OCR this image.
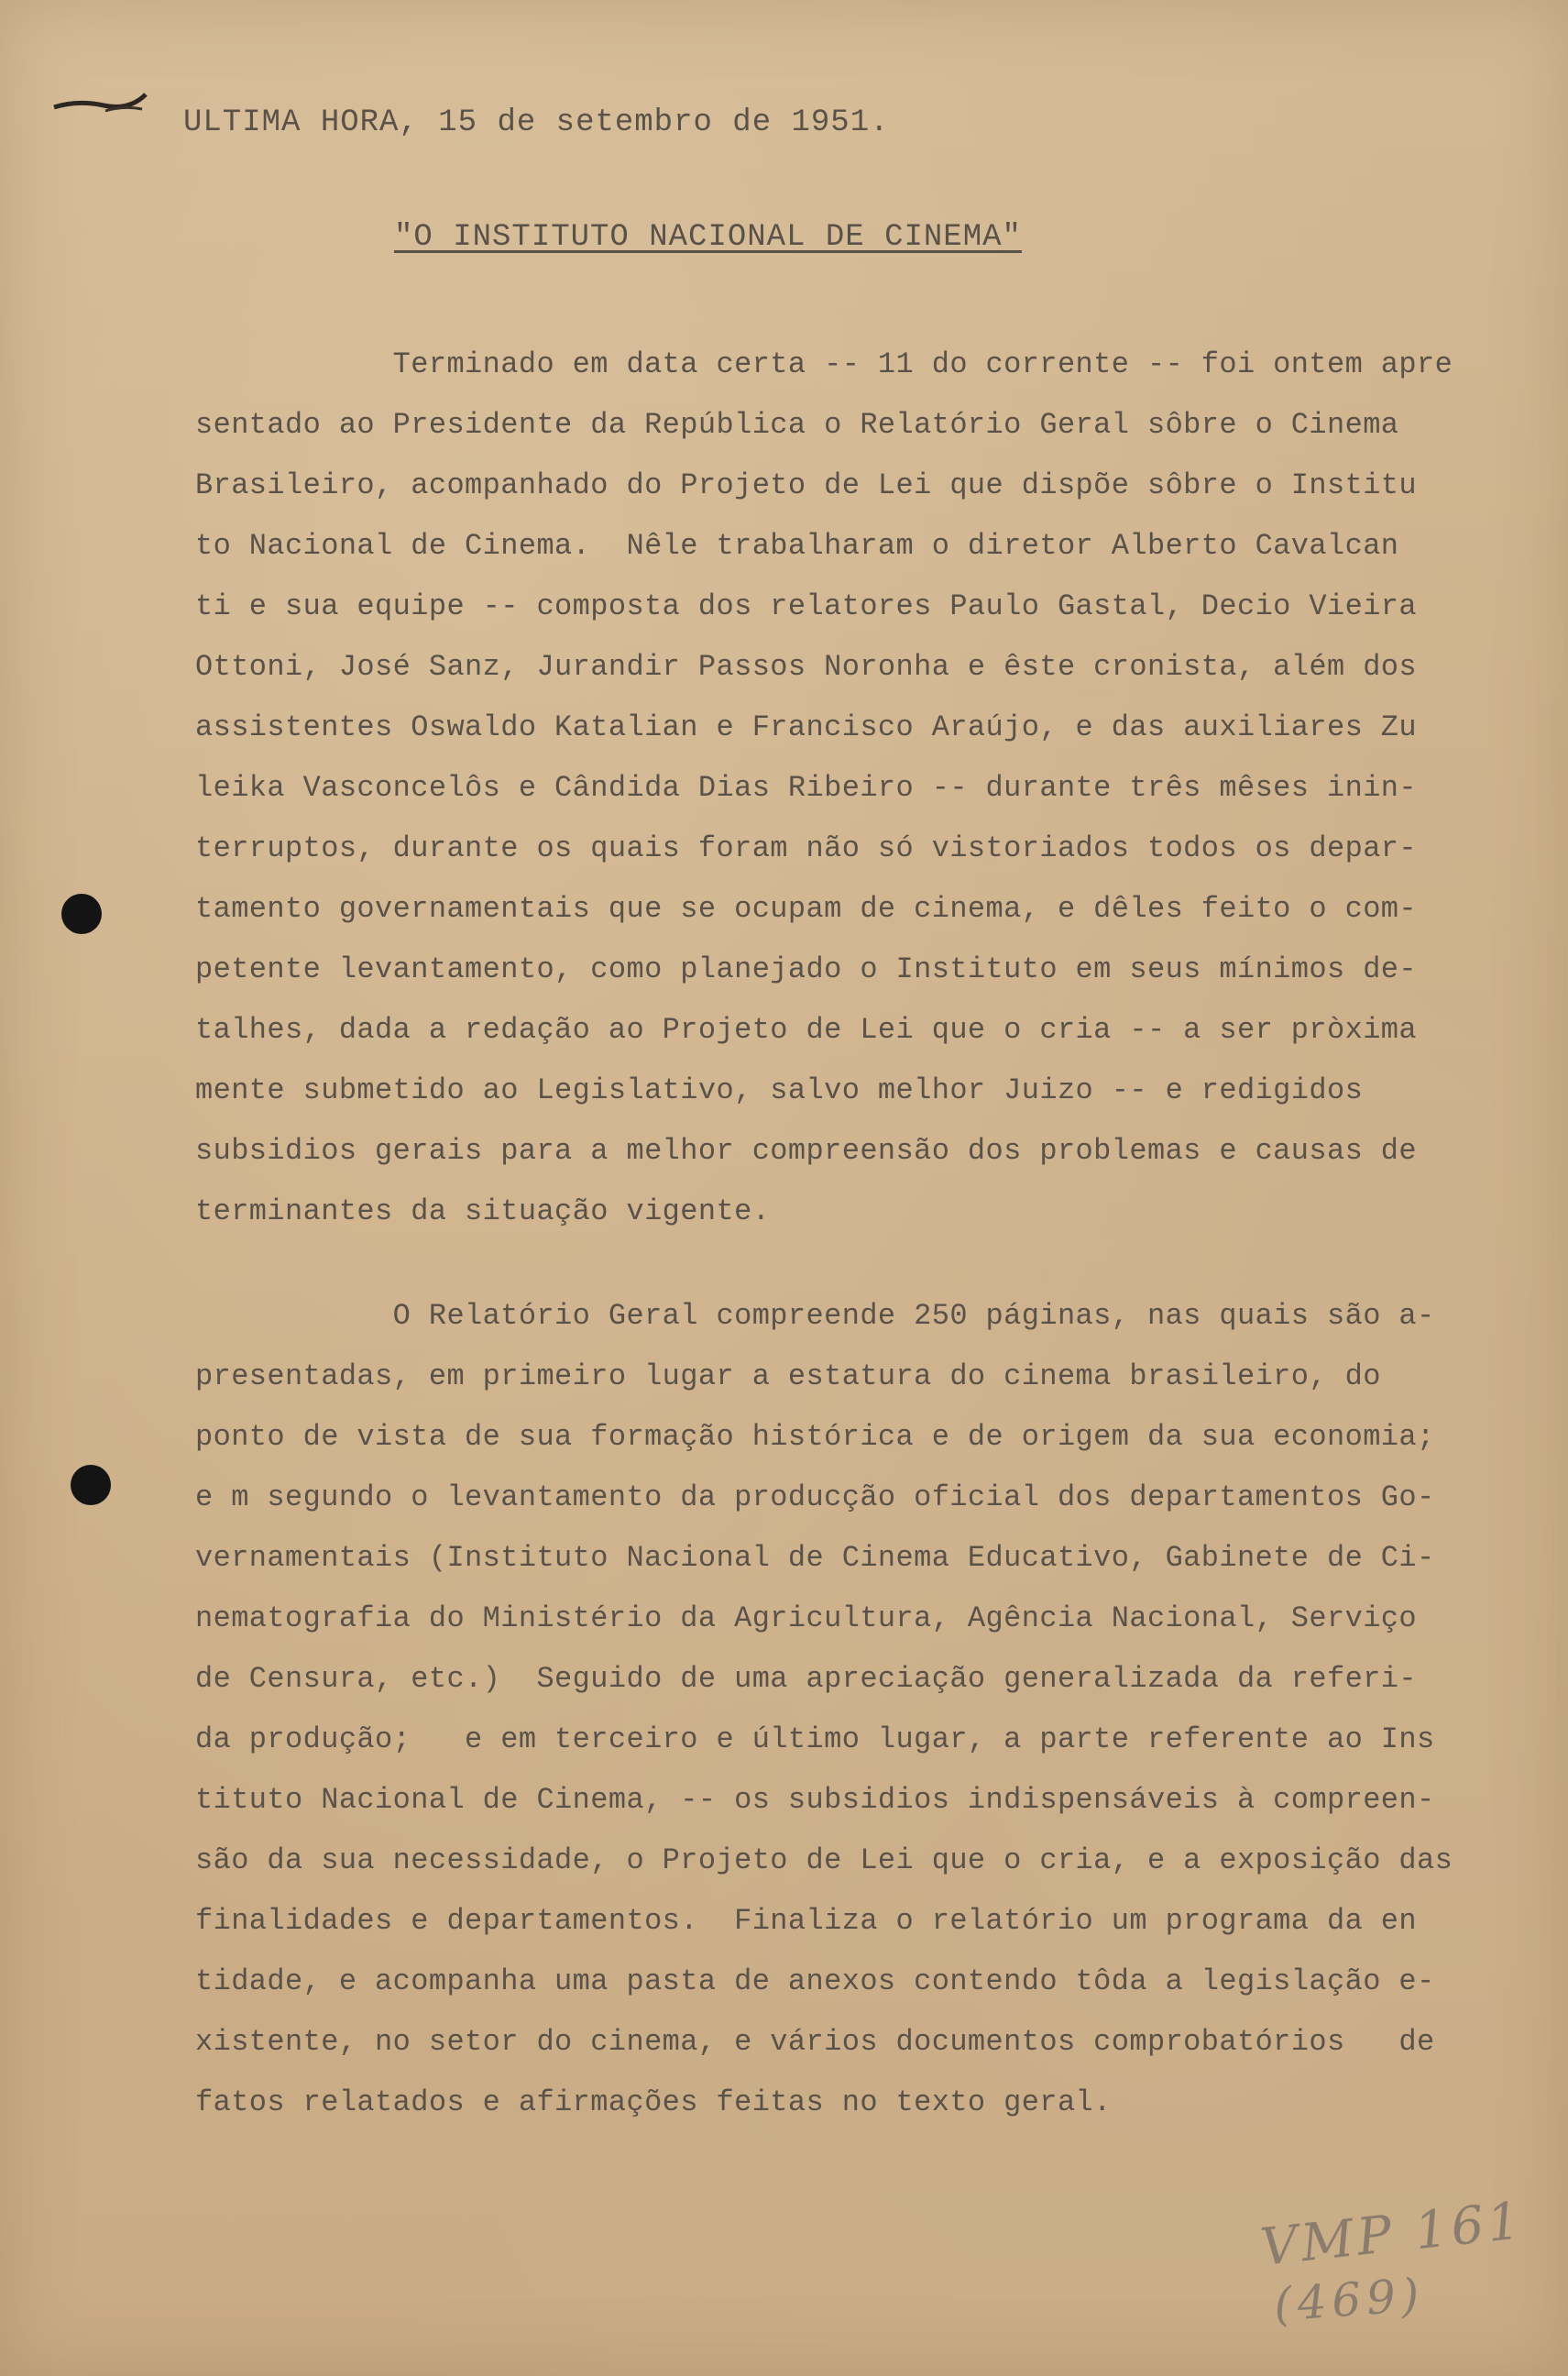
ULTIMA HORA, 15 de setembro de 1951.
"O INSTITUTO NACIONAL DE CINEMA"
Terminado em data certa -- 11 do corrente -- foi ontem apre
sentado ao Presidente da República o Relatório Geral sôbre o Cinema
Brasileiro, acompanhado do Projeto de Lei que dispõe sôbre o Institu
to Nacional de Cinema.  Nêle trabalharam o diretor Alberto Cavalcan
ti e sua equipe -- composta dos relatores Paulo Gastal, Decio Vieira
Ottoni, José Sanz, Jurandir Passos Noronha e êste cronista, além dos
assistentes Oswaldo Katalian e Francisco Araújo, e das auxiliares Zu
leika Vasconcelôs e Cândida Dias Ribeiro -- durante três mêses inin-
terruptos, durante os quais foram não só vistoriados todos os depar-
tamento governamentais que se ocupam de cinema, e dêles feito o com-
petente levantamento, como planejado o Instituto em seus mínimos de-
talhes, dada a redação ao Projeto de Lei que o cria -- a ser pròxima
mente submetido ao Legislativo, salvo melhor Juizo -- e redigidos
subsidios gerais para a melhor compreensão dos problemas e causas de
terminantes da situação vigente.
O Relatório Geral compreende 250 páginas, nas quais são a-
presentadas, em primeiro lugar a estatura do cinema brasileiro, do
ponto de vista de sua formação histórica e de origem da sua economia;
e m segundo o levantamento da producção oficial dos departamentos Go-
vernamentais (Instituto Nacional de Cinema Educativo, Gabinete de Ci-
nematografia do Ministério da Agricultura, Agência Nacional, Serviço
de Censura, etc.)  Seguido de uma apreciação generalizada da referi-
da produção;   e em terceiro e último lugar, a parte referente ao Ins
tituto Nacional de Cinema, -- os subsidios indispensáveis à compreen-
são da sua necessidade, o Projeto de Lei que o cria, e a exposição das
finalidades e departamentos.  Finaliza o relatório um programa da en
tidade, e acompanha uma pasta de anexos contendo tôda a legislação e-
xistente, no setor do cinema, e vários documentos comprobatórios   de
fatos relatados e afirmações feitas no texto geral.
VMP 161
(469)
